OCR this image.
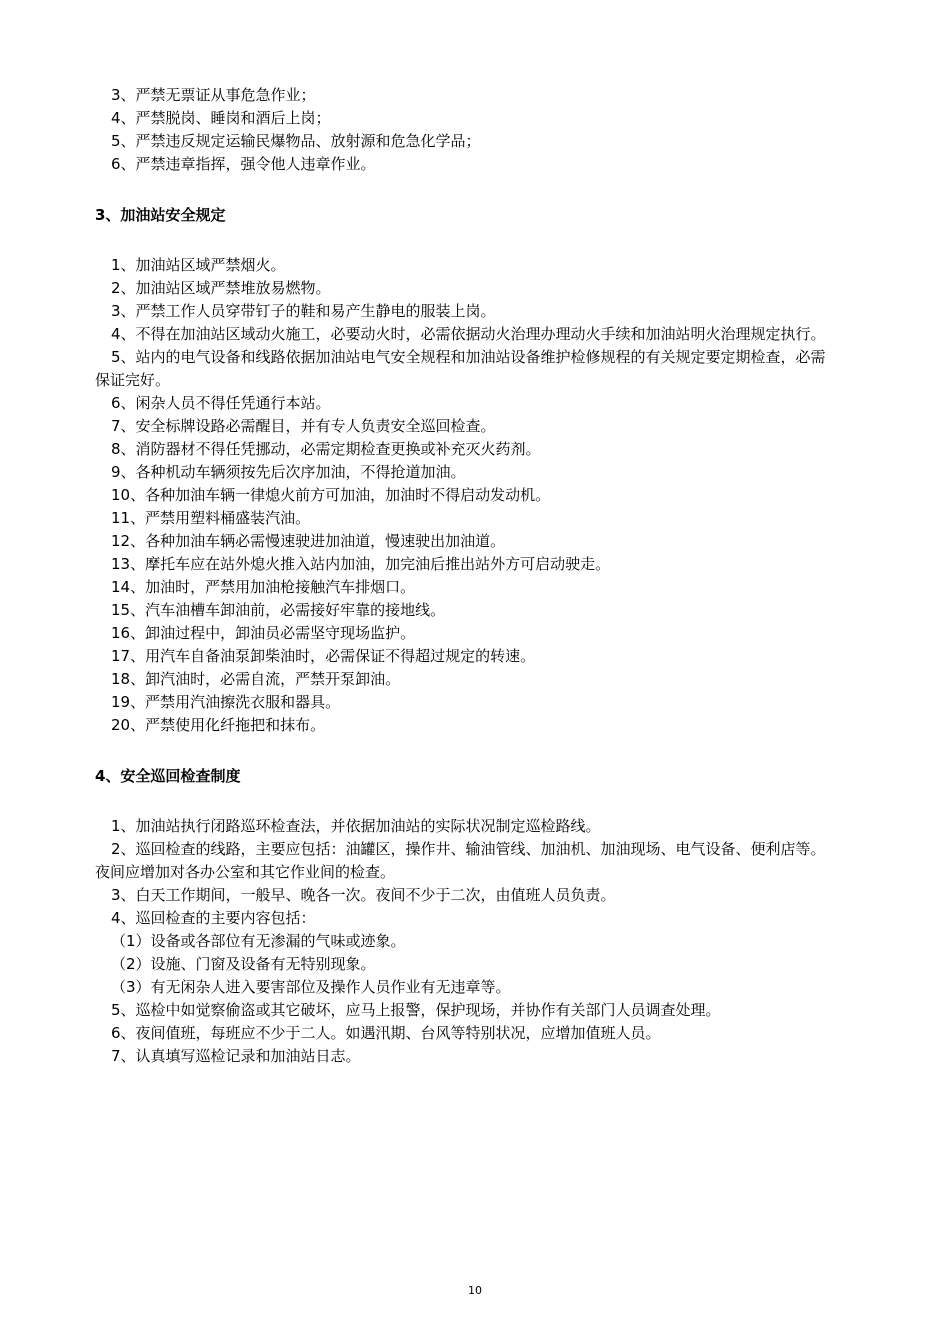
3、严禁无票证从事危急作业；

4、严禁脱岗、睡岗和酒后上岗；

5、严禁违反规定运输民爆物品、放射源和危急化学品；

6、严禁违章指挥，强令他人违章作业。

3、加油站安全规定

1、加油站区域严禁烟火。

2、加油站区域严禁堆放易燃物。

3、严禁工作人员穿带钉子的鞋和易产生静电的服装上岗。

4、不得在加油站区域动火施工，必要动火时，必需依据动火治理办理动火手续和加油站明火治理规定执行。

5、站内的电气设备和线路依据加油站电气安全规程和加油站设备维护检修规程的有关规定要定期检查，必需保证完好。

6、闲杂人员不得任凭通行本站。

7、安全标牌设路必需醒目，并有专人负责安全巡回检查。

8、消防器材不得任凭挪动，必需定期检查更换或补充灭火药剂。

9、各种机动车辆须按先后次序加油，不得抢道加油。

10、各种加油车辆一律熄火前方可加油，加油时不得启动发动机。

11、严禁用塑料桶盛装汽油。

12、各种加油车辆必需慢速驶进加油道，慢速驶出加油道。

13、摩托车应在站外熄火推入站内加油，加完油后推出站外方可启动驶走。

14、加油时，严禁用加油枪接触汽车排烟口。

15、汽车油槽车卸油前，必需接好牢靠的接地线。

16、卸油过程中，卸油员必需坚守现场监护。

17、用汽车自备油泵卸柴油时，必需保证不得超过规定的转速。

18、卸汽油时，必需自流，严禁开泵卸油。

19、严禁用汽油擦洗衣服和器具。

20、严禁使用化纤拖把和抹布。

4、安全巡回检查制度

1、加油站执行闭路巡环检查法，并依据加油站的实际状况制定巡检路线。

2、巡回检查的线路，主要应包括：油罐区，操作井、输油管线、加油机、加油现场、电气设备、便利店等。夜间应增加对各办公室和其它作业间的检查。

3、白天工作期间，一般早、晚各一次。夜间不少于二次，由值班人员负责。

4、巡回检查的主要内容包括：

（1）设备或各部位有无渗漏的气味或迹象。

（2）设施、门窗及设备有无特别现象。

（3）有无闲杂人进入要害部位及操作人员作业有无违章等。

5、巡检中如觉察偷盗或其它破坏，应马上报警，保护现场，并协作有关部门人员调查处理。

6、夜间值班，每班应不少于二人。如遇汛期、台风等特别状况，应增加值班人员。

7、认真填写巡检记录和加油站日志。

10
